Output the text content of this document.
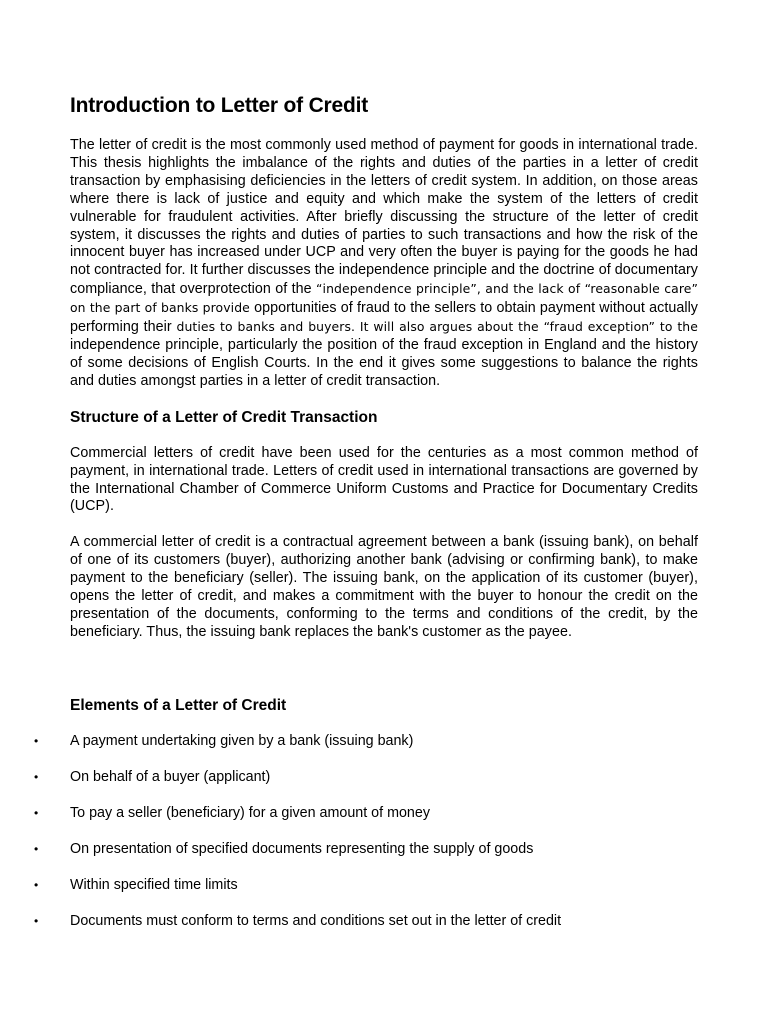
Introduction to Letter of Credit

The letter of credit is the most commonly used method of payment for goods in international trade. This thesis highlights the imbalance of the rights and duties of the parties in a letter of credit transaction by emphasising deficiencies in the letters of credit system. In addition, on those areas where there is lack of justice and equity and which make the system of the letters of credit vulnerable for fraudulent activities. After briefly discussing the structure of the letter of credit system, it discusses the rights and duties of parties to such transactions and how the risk of the innocent buyer has increased under UCP and very often the buyer is paying for the goods he had not contracted for. It further discusses the independence principle and the doctrine of documentary compliance, that overprotection of the “independence principle”, and the lack of “reasonable care” on the part of banks provide opportunities of fraud to the sellers to obtain payment without actually performing their duties to banks and buyers. It will also argues about the “fraud exception” to the independence principle, particularly the position of the fraud exception in England and the history of some decisions of English Courts. In the end it gives some suggestions to balance the rights and duties amongst parties in a letter of credit transaction.

Structure of a Letter of Credit Transaction

Commercial letters of credit have been used for the centuries as a most common method of payment, in international trade. Letters of credit used in international transactions are governed by the International Chamber of Commerce Uniform Customs and Practice for Documentary Credits (UCP).

A commercial letter of credit is a contractual agreement between a bank (issuing bank), on behalf of one of its customers (buyer), authorizing another bank (advising or confirming bank), to make payment to the beneficiary (seller). The issuing bank, on the application of its customer (buyer), opens the letter of credit, and makes a commitment with the buyer to honour the credit on the presentation of the documents, conforming to the terms and conditions of the credit, by the beneficiary. Thus, the issuing bank replaces the bank's customer as the payee.

Elements of a Letter of Credit
• A payment undertaking given by a bank (issuing bank)
• On behalf of a buyer (applicant)
• To pay a seller (beneficiary) for a given amount of money
• On presentation of specified documents representing the supply of goods
• Within specified time limits
• Documents must conform to terms and conditions set out in the letter of credit
